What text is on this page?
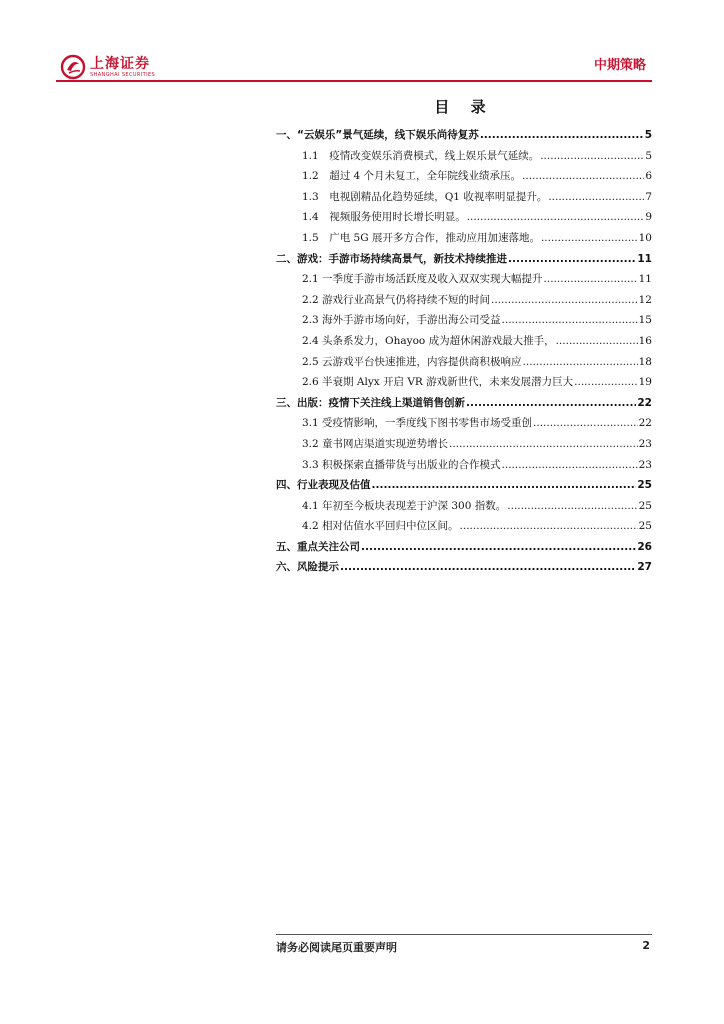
上海证券
SHANGHAI SECURITIES
中期策略
目 录
一、“云娱乐”景气延续，线下娱乐尚待复苏 .....	5
1.1　疫情改变娱乐消费模式，线上娱乐景气延续。 .....	5
1.2　超过 4 个月未复工，全年院线业绩承压。 .....	6
1.3　电视剧精品化趋势延续，Q1 收视率明显提升。 .....	7
1.4　视频服务使用时长增长明显。 .....	9
1.5　广电 5G 展开多方合作，推动应用加速落地。 .....	10
二、游戏：手游市场持续高景气，新技术持续推进 .....	11
2.1 一季度手游市场活跃度及收入双双实现大幅提升 .....	11
2.2 游戏行业高景气仍将持续不短的时间 .....	12
2.3 海外手游市场向好，手游出海公司受益 .....	15
2.4 头条系发力，Ohayoo 成为超休闲游戏最大推手， .....	16
2.5 云游戏平台快速推进，内容提供商积极响应 .....	18
2.6 半衰期 Alyx 开启 VR 游戏新世代，未来发展潜力巨大 .....	19
三、出版：疫情下关注线上渠道销售创新 .....	22
3.1 受疫情影响，一季度线下图书零售市场受重创 .....	22
3.2 童书网店渠道实现逆势增长 .....	23
3.3 积极探索直播带货与出版业的合作模式 .....	23
四、行业表现及估值 .....	25
4.1 年初至今板块表现差于沪深 300 指数。 .....	25
4.2 相对估值水平回归中位区间。 .....	25
五、重点关注公司 .....	26
六、风险提示 .....	27
请务必阅读尾页重要声明	2
